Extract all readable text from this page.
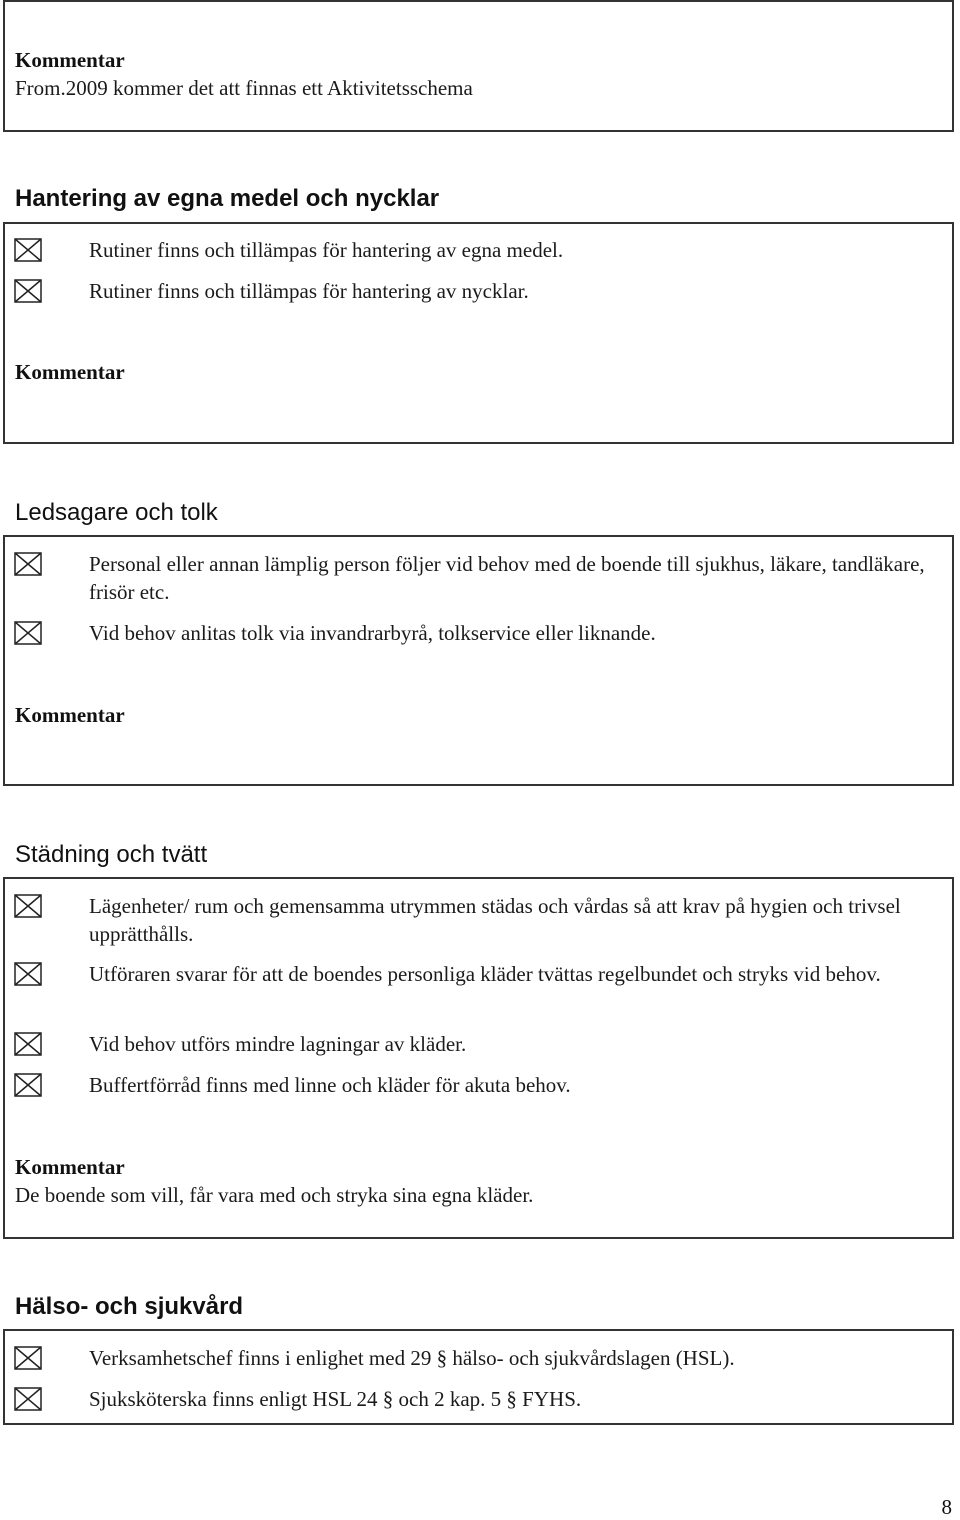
Kommentar
From.2009 kommer det att finnas ett Aktivitetsschema
Hantering av egna medel och nycklar
Rutiner finns och tillämpas för hantering av egna medel.
Rutiner finns och tillämpas för hantering av nycklar.
Kommentar
Ledsagare och tolk
Personal eller annan lämplig person följer vid behov med de boende till sjukhus, läkare, tandläkare, frisör etc.
Vid behov anlitas tolk via invandrarbyrå, tolkservice eller liknande.
Kommentar
Städning och tvätt
Lägenheter/ rum och gemensamma utrymmen städas och vårdas så att krav på hygien och trivsel upprätthålls.
Utföraren svarar för att de boendes personliga kläder tvättas regelbundet och stryks vid behov.
Vid behov utförs mindre lagningar av kläder.
Buffertförråd finns med linne och kläder för akuta behov.
Kommentar
De boende som vill, får vara med och stryka sina egna kläder.
Hälso- och sjukvård
Verksamhetschef finns i enlighet med 29 § hälso- och sjukvårdslagen (HSL).
Sjuksköterska finns enligt HSL 24 § och 2 kap. 5 § FYHS.
8
